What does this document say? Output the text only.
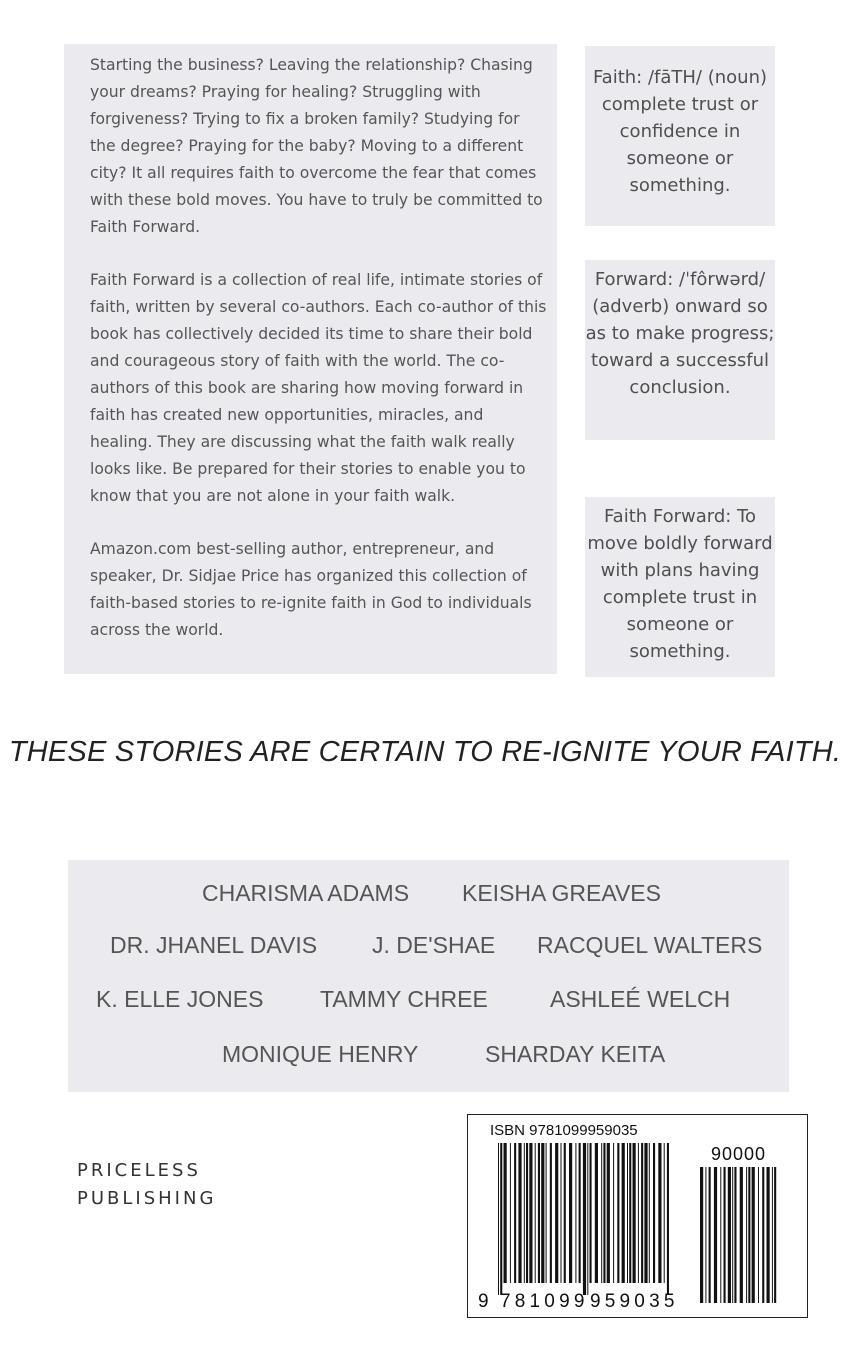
Starting the business? Leaving the relationship? Chasing your dreams? Praying for healing? Struggling with forgiveness? Trying to fix a broken family? Studying for the degree? Praying for the baby? Moving to a different city? It all requires faith to overcome the fear that comes with these bold moves. You have to truly be committed to Faith Forward.

Faith Forward is a collection of real life, intimate stories of faith, written by several co-authors. Each co-author of this book has collectively decided its time to share their bold and courageous story of faith with the world. The co-authors of this book are sharing how moving forward in faith has created new opportunities, miracles, and healing. They are discussing what the faith walk really looks like. Be prepared for their stories to enable you to know that you are not alone in your faith walk.

Amazon.com best-selling author, entrepreneur, and speaker, Dr. Sidjae Price has organized this collection of faith-based stories to re-ignite faith in God to individuals across the world.

Faith: /fāTH/ (noun) complete trust or confidence in someone or something.
Forward: /ˈfôrwərd/ (adverb) onward so as to make progress; toward a successful conclusion.
Faith Forward: To move boldly forward with plans having complete trust in someone or something.
THESE STORIES ARE CERTAIN TO RE-IGNITE YOUR FAITH.
CHARISMA ADAMS KEISHA GREAVES
DR. JHANEL DAVIS J. DE'SHAE RACQUEL WALTERS
K. ELLE JONES TAMMY CHREE	ASHLEÉ WELCH
MONIQUE HENRY	SHARDAY KEITA
PRICELESS
PUBLISHING
ISBN 9781099959035
90000
9 781099 959035
